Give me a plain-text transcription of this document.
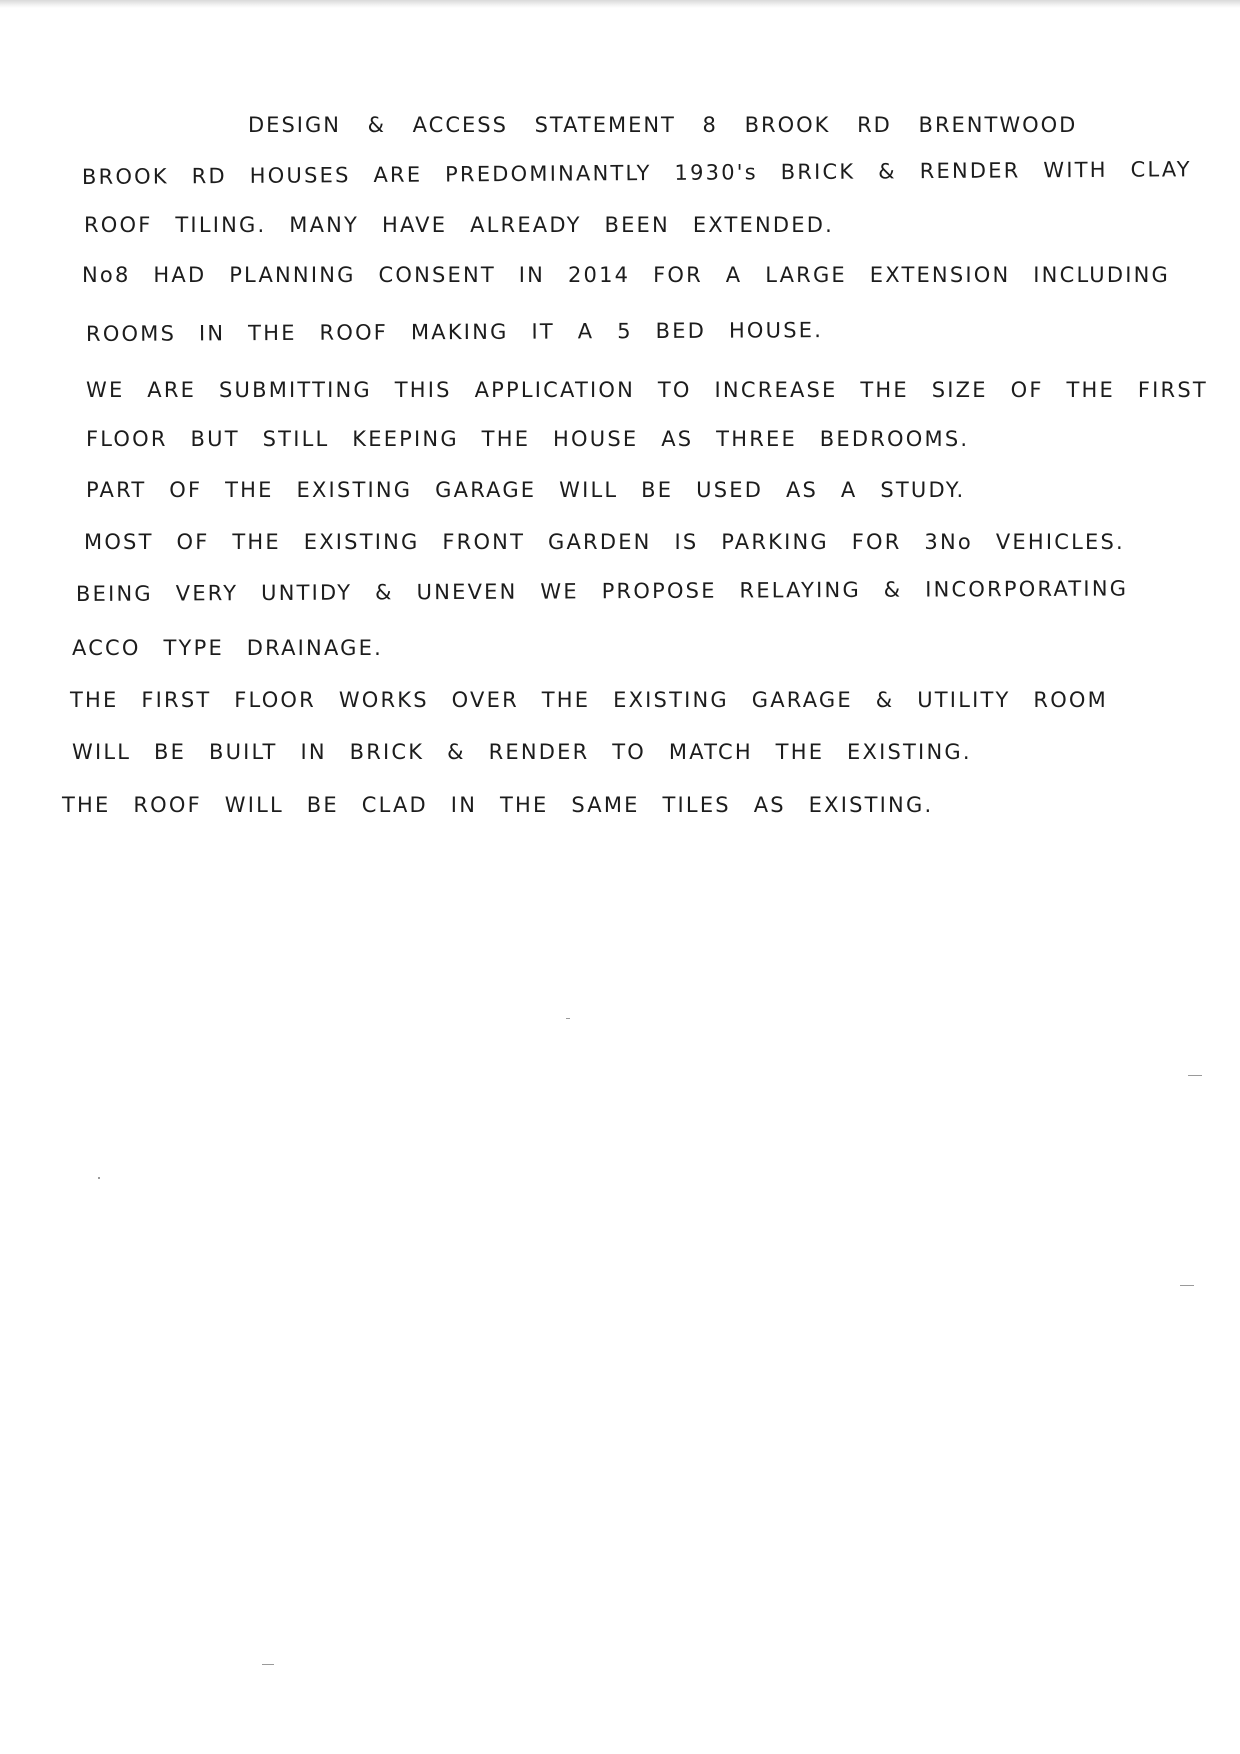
DESIGN & ACCESS STATEMENT 8 BROOK RD BRENTWOOD
BROOK RD HOUSES ARE PREDOMINANTLY 1930's BRICK & RENDER WITH CLAY
ROOF TILING. MANY HAVE ALREADY BEEN EXTENDED.
No8 HAD PLANNING CONSENT IN 2014 FOR A LARGE EXTENSION INCLUDING
ROOMS IN THE ROOF MAKING IT A 5 BED HOUSE.
WE ARE SUBMITTING THIS APPLICATION TO INCREASE THE SIZE OF THE FIRST
FLOOR BUT STILL KEEPING THE HOUSE AS THREE BEDROOMS.
PART OF THE EXISTING GARAGE WILL BE USED AS A STUDY.
MOST OF THE EXISTING FRONT GARDEN IS PARKING FOR 3No VEHICLES.
BEING VERY UNTIDY & UNEVEN WE PROPOSE RELAYING & INCORPORATING
ACCO TYPE DRAINAGE.
THE FIRST FLOOR WORKS OVER THE EXISTING GARAGE & UTILITY ROOM
WILL BE BUILT IN BRICK & RENDER TO MATCH THE EXISTING.
THE ROOF WILL BE CLAD IN THE SAME TILES AS EXISTING.
